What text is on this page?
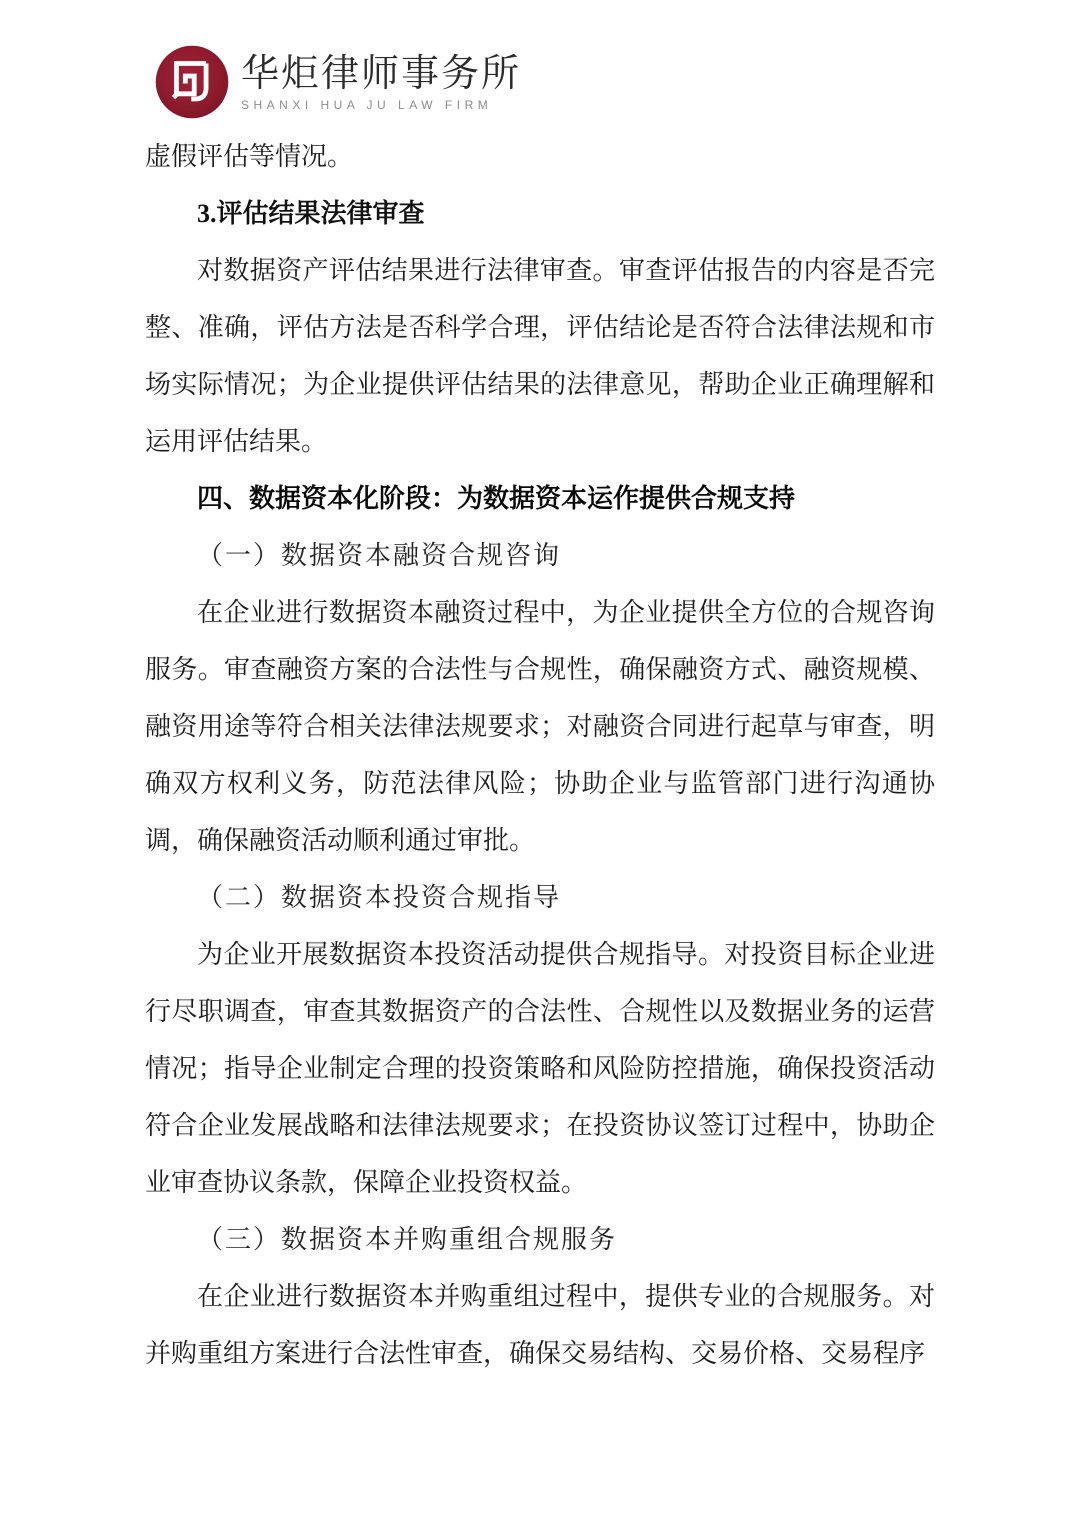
华炬律师事务所
SHANXI HUA JU LAW FIRM

虚假评估等情况。

3.评估结果法律审查

对数据资产评估结果进行法律审查。审查评估报告的内容是否完整、准确，评估方法是否科学合理，评估结论是否符合法律法规和市场实际情况；为企业提供评估结果的法律意见，帮助企业正确理解和运用评估结果。

四、数据资本化阶段：为数据资本运作提供合规支持

（一）数据资本融资合规咨询

在企业进行数据资本融资过程中，为企业提供全方位的合规咨询服务。审查融资方案的合法性与合规性，确保融资方式、融资规模、融资用途等符合相关法律法规要求；对融资合同进行起草与审查，明确双方权利义务，防范法律风险；协助企业与监管部门进行沟通协调，确保融资活动顺利通过审批。

（二）数据资本投资合规指导

为企业开展数据资本投资活动提供合规指导。对投资目标企业进行尽职调查，审查其数据资产的合法性、合规性以及数据业务的运营情况；指导企业制定合理的投资策略和风险防控措施，确保投资活动符合企业发展战略和法律法规要求；在投资协议签订过程中，协助企业审查协议条款，保障企业投资权益。

（三）数据资本并购重组合规服务

在企业进行数据资本并购重组过程中，提供专业的合规服务。对并购重组方案进行合法性审查，确保交易结构、交易价格、交易程序
